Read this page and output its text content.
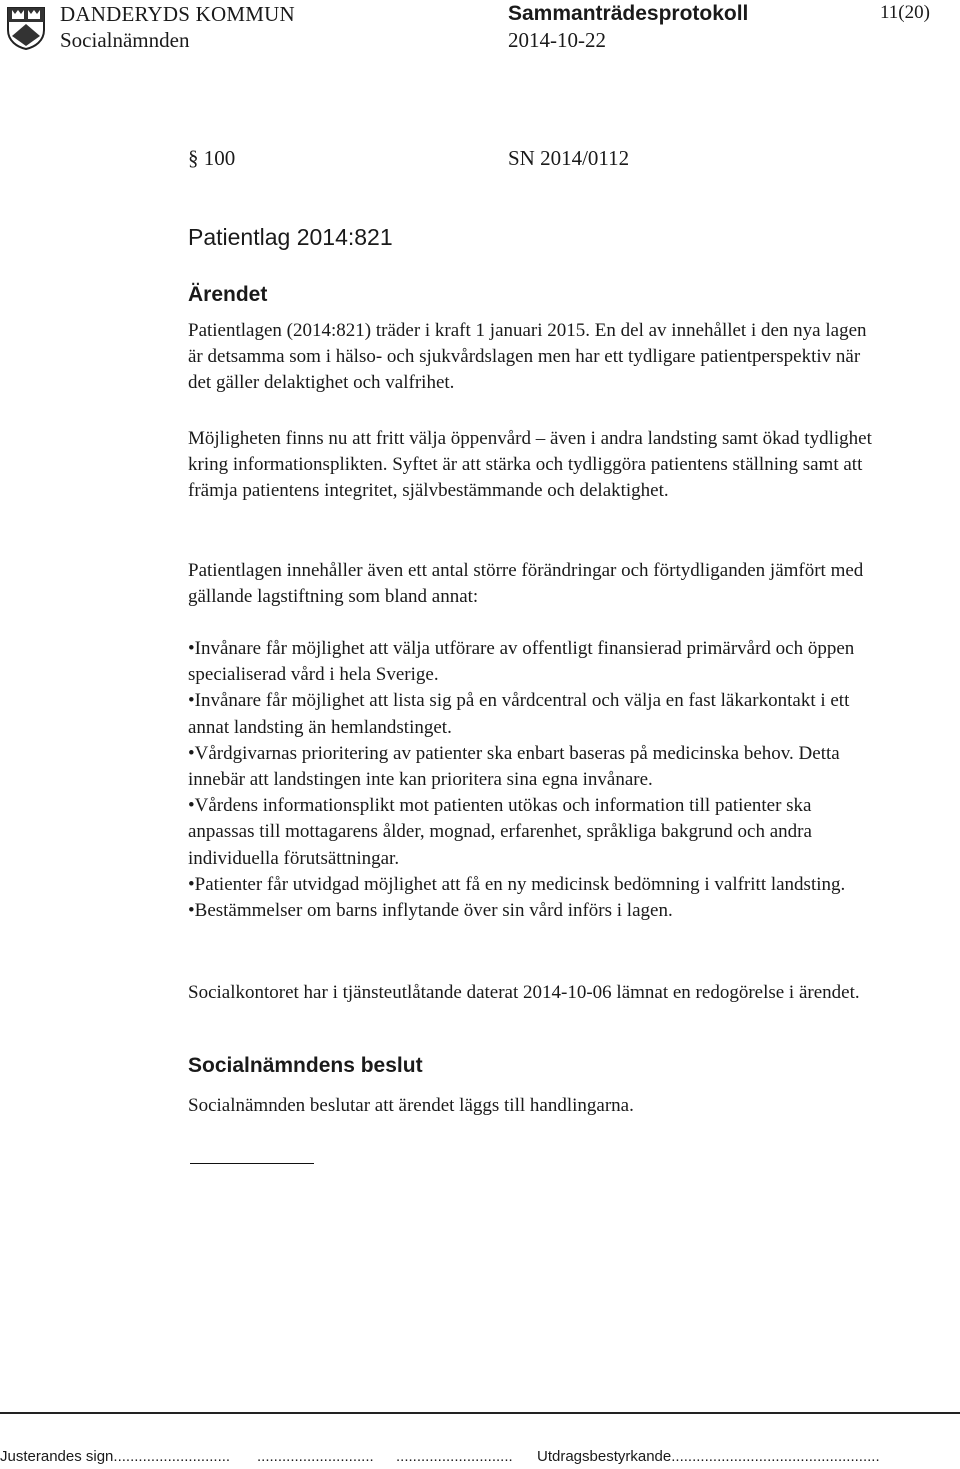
DANDERYDS KOMMUN
Socialnämnden
Sammanträdesprotokoll
2014-10-22
11(20)
§ 100	SN 2014/0112
Patientlag 2014:821
Ärendet

Patientlagen (2014:821) träder i kraft 1 januari 2015. En del av innehållet i den nya lagen är detsamma som i hälso- och sjukvårdslagen men har ett tydligare patientperspektiv när det gäller delaktighet och valfrihet.

Möjligheten finns nu att fritt välja öppenvård – även i andra landsting samt ökad tydlighet kring informationsplikten. Syftet är att stärka och tydliggöra patientens ställning samt att främja patientens integritet, självbestämmande och delaktighet.

Patientlagen innehåller även ett antal större förändringar och förtydliganden jämfört med gällande lagstiftning som bland annat:

• Invånare får möjlighet att välja utförare av offentligt finansierad primärvård och öppen specialiserad vård i hela Sverige.
• Invånare får möjlighet att lista sig på en vårdcentral och välja en fast läkarkontakt i ett annat landsting än hemlandstinget.
• Vårdgivarnas prioritering av patienter ska enbart baseras på medicinska behov. Detta innebär att landstingen inte kan prioritera sina egna invånare.
• Vårdens informationsplikt mot patienten utökas och information till patienter ska anpassas till mottagarens ålder, mognad, erfarenhet, språkliga bakgrund och andra individuella förutsättningar.
• Patienter får utvidgad möjlighet att få en ny medicinsk bedömning i valfritt landsting.
• Bestämmelser om barns inflytande över sin vård införs i lagen.

Socialkontoret har i tjänsteutlåtande daterat 2014-10-06 lämnat en redogörelse i ärendet.

Socialnämndens beslut

Socialnämnden beslutar att ärendet läggs till handlingarna.

Justerandes sign............................ ............................ ............................ Utdragsbestyrkande..................................................
